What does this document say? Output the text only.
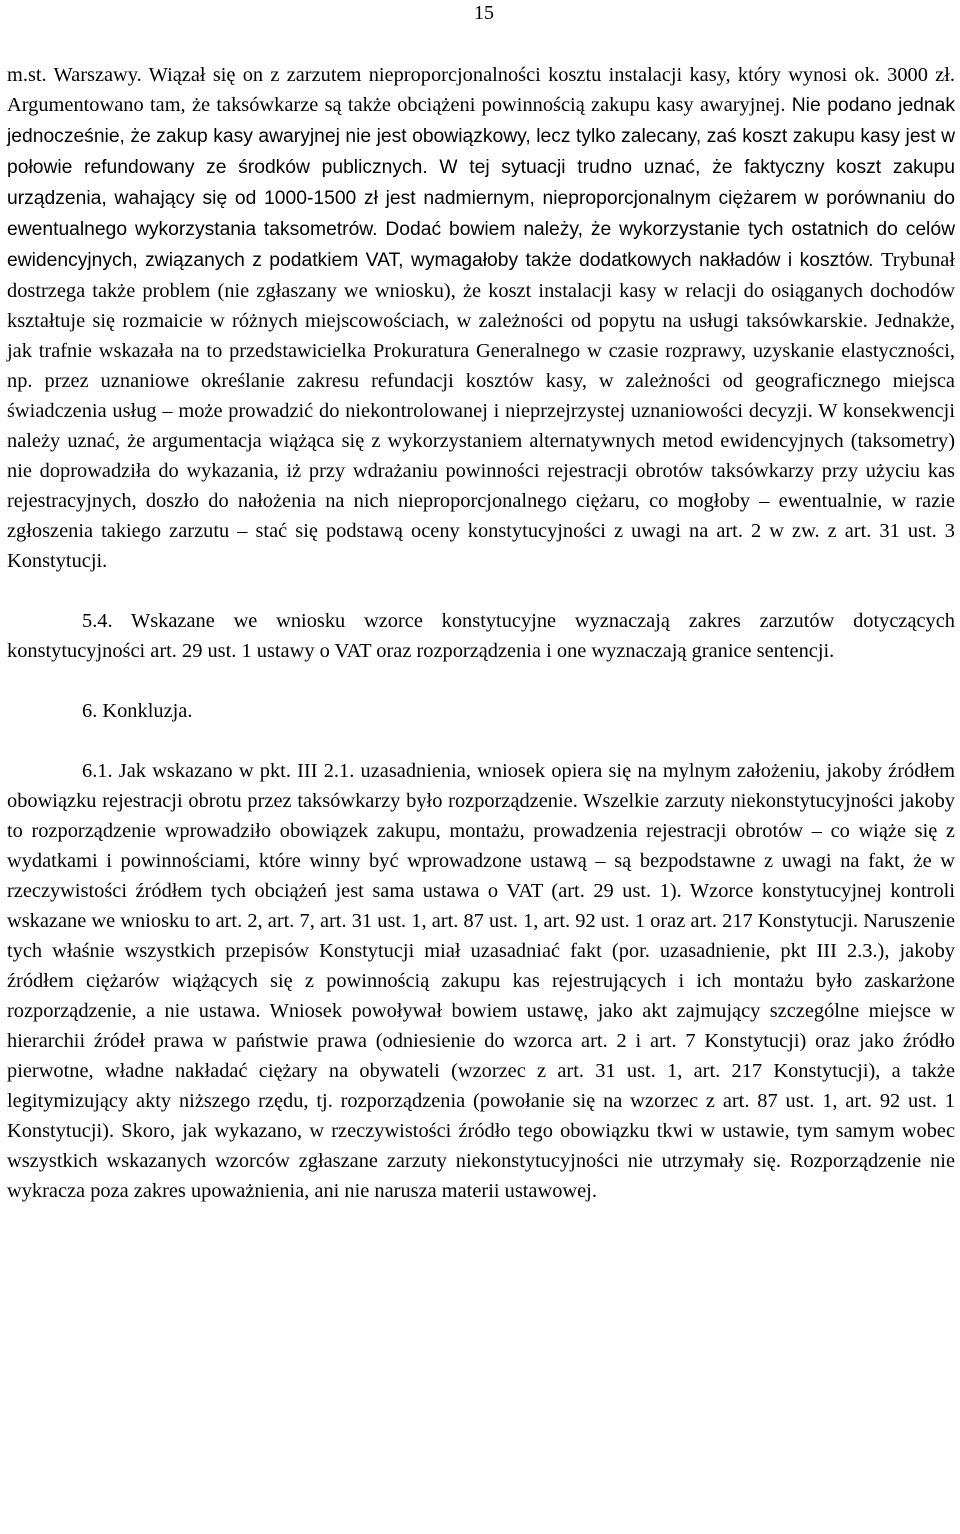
15

m.st. Warszawy. Wiązał się on z zarzutem nieproporcjonalności kosztu instalacji kasy, który wynosi ok. 3000 zł. Argumentowano tam, że taksówkarze są także obciążeni powinnością zakupu kasy awaryjnej. Nie podano jednak jednocześnie, że zakup kasy awaryjnej nie jest obowiązkowy, lecz tylko zalecany, zaś koszt zakupu kasy jest w połowie refundowany ze środków publicznych. W tej sytuacji trudno uznać, że faktyczny koszt zakupu urządzenia, wahający się od 1000-1500 zł jest nadmiernym, nieproporcjonalnym ciężarem w porównaniu do ewentualnego wykorzystania taksometrów. Dodać bowiem należy, że wykorzystanie tych ostatnich do celów ewidencyjnych, związanych z podatkiem VAT, wymagałoby także dodatkowych nakładów i kosztów. Trybunał dostrzega także problem (nie zgłaszany we wniosku), że koszt instalacji kasy w relacji do osiąganych dochodów kształtuje się rozmaicie w różnych miejscowościach, w zależności od popytu na usługi taksówkarskie. Jednakże, jak trafnie wskazała na to przedstawicielka Prokuratura Generalnego w czasie rozprawy, uzyskanie elastyczności, np. przez uznaniowe określanie zakresu refundacji kosztów kasy, w zależności od geograficznego miejsca świadczenia usług – może prowadzić do niekontrolowanej i nieprzejrzystej uznaniowości decyzji. W konsekwencji należy uznać, że argumentacja wiążąca się z wykorzystaniem alternatywnych metod ewidencyjnych (taksometry) nie doprowadziła do wykazania, iż przy wdrażaniu powinności rejestracji obrotów taksówkarzy przy użyciu kas rejestracyjnych, doszło do nałożenia na nich nieproporcjonalnego ciężaru, co mogłoby – ewentualnie, w razie zgłoszenia takiego zarzutu – stać się podstawą oceny konstytucyjności z uwagi na art. 2 w zw. z art. 31 ust. 3 Konstytucji.

5.4. Wskazane we wniosku wzorce konstytucyjne wyznaczają zakres zarzutów dotyczących konstytucyjności art. 29 ust. 1 ustawy o VAT oraz rozporządzenia i one wyznaczają granice sentencji.

6. Konkluzja.

6.1. Jak wskazano w pkt. III 2.1. uzasadnienia, wniosek opiera się na mylnym założeniu, jakoby źródłem obowiązku rejestracji obrotu przez taksówkarzy było rozporządzenie. Wszelkie zarzuty niekonstytucyjności jakoby to rozporządzenie wprowadziło obowiązek zakupu, montażu, prowadzenia rejestracji obrotów – co wiąże się z wydatkami i powinnościami, które winny być wprowadzone ustawą – są bezpodstawne z uwagi na fakt, że w rzeczywistości źródłem tych obciążeń jest sama ustawa o VAT (art. 29 ust. 1). Wzorce konstytucyjnej kontroli wskazane we wniosku to art. 2, art. 7, art. 31 ust. 1, art. 87 ust. 1, art. 92 ust. 1 oraz art. 217 Konstytucji. Naruszenie tych właśnie wszystkich przepisów Konstytucji miał uzasadniać fakt (por. uzasadnienie, pkt III 2.3.), jakoby źródłem ciężarów wiążących się z powinnością zakupu kas rejestrujących i ich montażu było zaskarżone rozporządzenie, a nie ustawa. Wniosek powoływał bowiem ustawę, jako akt zajmujący szczególne miejsce w hierarchii źródeł prawa w państwie prawa (odniesienie do wzorca art. 2 i art. 7 Konstytucji) oraz jako źródło pierwotne, władne nakładać ciężary na obywateli (wzorzec z art. 31 ust. 1, art. 217 Konstytucji), a także legitymizujący akty niższego rzędu, tj. rozporządzenia (powołanie się na wzorzec z art. 87 ust. 1, art. 92 ust. 1 Konstytucji). Skoro, jak wykazano, w rzeczywistości źródło tego obowiązku tkwi w ustawie, tym samym wobec wszystkich wskazanych wzorców zgłaszane zarzuty niekonstytucyjności nie utrzymały się. Rozporządzenie nie wykracza poza zakres upoważnienia, ani nie narusza materii ustawowej.
